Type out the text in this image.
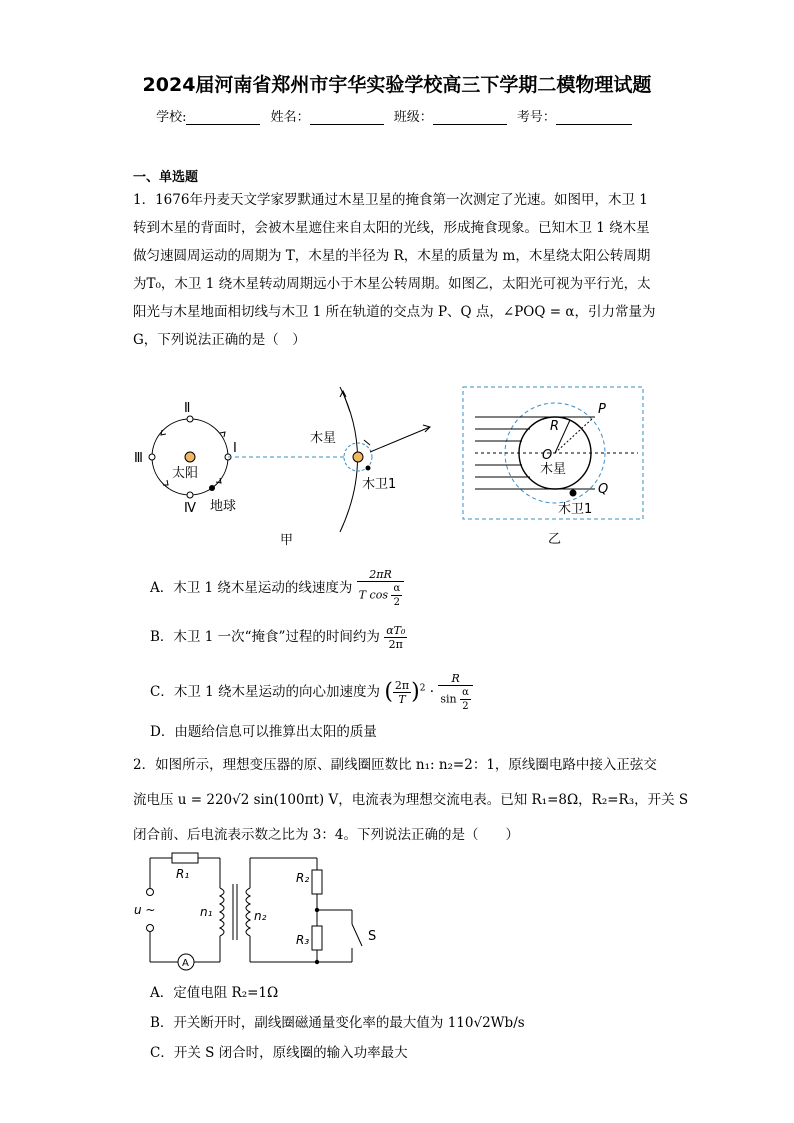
2024届河南省郑州市宇华实验学校高三下学期二模物理试题
学校:	姓名：	班级：	考号：
一、单选题
1．1676年丹麦天文学家罗默通过木星卫星的掩食第一次测定了光速。如图甲，木卫 1
转到木星的背面时，会被木星遮住来自太阳的光线，形成掩食现象。已知木卫 1 绕木星
做匀速圆周运动的周期为 T，木星的半径为 R，木星的质量为 m，木星绕太阳公转周期
为T₀，木卫 1 绕木星转动周期远小于木星公转周期。如图乙，太阳光可视为平行光，太
阳光与木星地面相切线与木卫 1 所在轨道的交点为 P、Q 点，∠POQ = α，引力常量为
G，下列说法正确的是（　）
Ⅰ
Ⅱ
Ⅲ
Ⅳ
太阳
地球
木星
木卫1
甲
P
Q
R
O
木星
木卫1
乙
A．木卫 1 绕木星运动的线速度为 $\frac{2\pi R}{T \cos \frac{\alpha}{2}}$
B．木卫 1 一次“掩食”过程的时间约为 $\frac{\text{αT₀}}{2\pi}$
C．木卫 1 绕木星运动的向心加速度为 ( $\frac{2\pi}{T} )^2 \cdot \frac{R}{\sin \frac{\alpha}{2}}$
D．由题给信息可以推算出太阳的质量
2．如图所示，理想变压器的原、副线圈匝数比 n₁: n₂=2：1，原线圈电路中接入正弦交
流电压 u = 220√2 sin(100πt) V，电流表为理想交流电表。已知 R₁=8Ω，R₂=R₃，开关 S
闭合前、后电流表示数之比为 3：4。下列说法正确的是（　　）
A
R₁
u ~	n₁	n₂
R₂
R₃	S
A．定值电阻 R₂=1Ω
B．开关断开时，副线圈磁通量变化率的最大值为 110√2Wb/s
C．开关 S 闭合时，原线圈的输入功率最大
